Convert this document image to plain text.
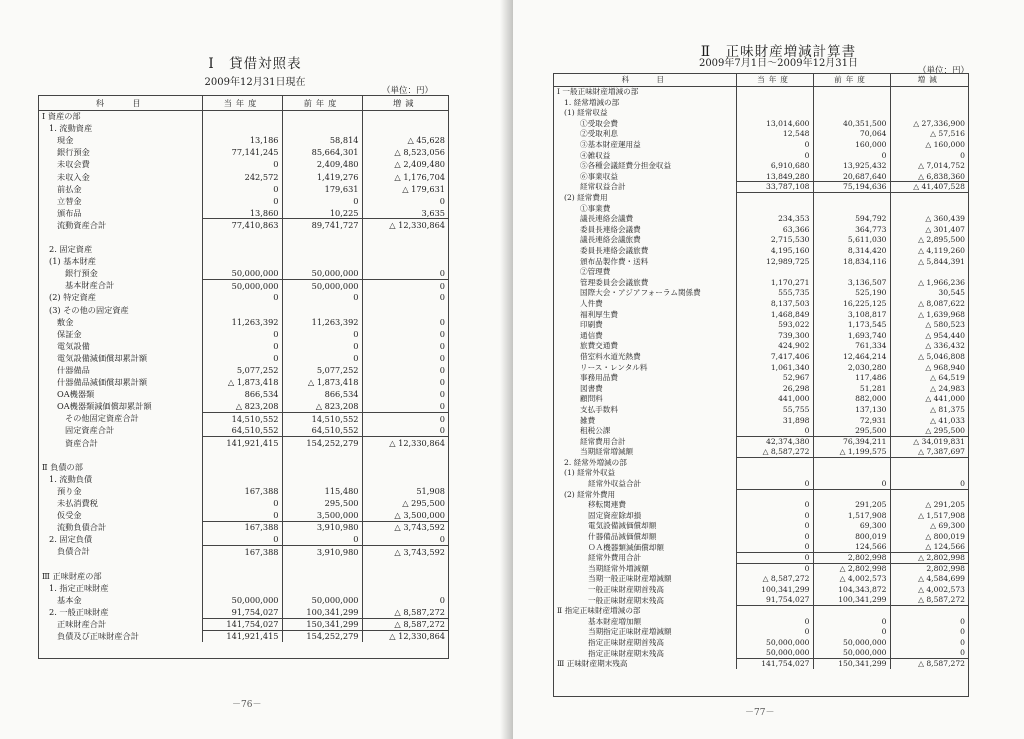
Ⅰ　貸借対照表
2009年12月31日現在
（単位：円）
科　　目	当年度	前年度	増減
Ⅰ 資産の部			
1. 流動資産			
現金	13,186	58,814	△ 45,628
銀行預金	77,141,245	85,664,301	△ 8,523,056
未収会費	0	2,409,480	△ 2,409,480
未収入金	242,572	1,419,276	△ 1,176,704
前払金	0	179,631	△ 179,631
立替金	0	0	0
頒布品	13,860	10,225	3,635
流動資産合計	77,410,863	89,741,727	△ 12,330,864

2. 固定資産			
(1) 基本財産			
銀行預金	50,000,000	50,000,000	0
基本財産合計	50,000,000	50,000,000	0
(2) 特定資産	0	0	0
(3) その他の固定資産			
敷金	11,263,392	11,263,392	0
保証金	0	0	0
電気設備	0	0	0
電気設備減価償却累計額	0	0	0
什器備品	5,077,252	5,077,252	0
什器備品減価償却累計額	△ 1,873,418	△ 1,873,418	0
OA機器類	866,534	866,534	0
OA機器類減価償却累計額	△ 823,208	△ 823,208	0
その他固定資産合計	14,510,552	14,510,552	0
固定資産合計	64,510,552	64,510,552	0
資産合計	141,921,415	154,252,279	△ 12,330,864

Ⅱ 負債の部			
1. 流動負債			
預り金	167,388	115,480	51,908
未払消費税	0	295,500	△ 295,500
仮受金	0	3,500,000	△ 3,500,000
流動負債合計	167,388	3,910,980	△ 3,743,592
2. 固定負債	0	0	0
負債合計	167,388	3,910,980	△ 3,743,592

Ⅲ 正味財産の部			
1. 指定正味財産			
基本金	50,000,000	50,000,000	0
2. 一般正味財産	91,754,027	100,341,299	△ 8,587,272
正味財産合計	141,754,027	150,341,299	△ 8,587,272
負債及び正味財産合計	141,921,415	154,252,279	△ 12,330,864
－76－
Ⅱ　正味財産増減計算書
2009年7月1日～2009年12月31日
（単位：円）
科　　目	当年度	前年度	増減
Ⅰ 一般正味財産増減の部			
1. 経常増減の部			
(1) 経常収益			
①受取会費	13,014,600	40,351,500	△ 27,336,900
②受取利息	12,548	70,064	△ 57,516
③基本財産運用益	0	160,000	△ 160,000
④雑収益	0	0	0
⑤各種会議経費分担金収益	6,910,680	13,925,432	△ 7,014,752
⑥事業収益	13,849,280	20,687,640	△ 6,838,360
経常収益合計	33,787,108	75,194,636	△ 41,407,528
(2) 経常費用			
①事業費			
議長連絡会議費	234,353	594,792	△ 360,439
委員長連絡会議費	63,366	364,773	△ 301,407
議長連絡会議旅費	2,715,530	5,611,030	△ 2,895,500
委員長連絡会議旅費	4,195,160	8,314,420	△ 4,119,260
頒布品製作費・送料	12,989,725	18,834,116	△ 5,844,391
②管理費			
管理委員会会議旅費	1,170,271	3,136,507	△ 1,966,236
国際大会・アジアフォーラム関係費	555,735	525,190	30,545
人件費	8,137,503	16,225,125	△ 8,087,622
福利厚生費	1,468,849	3,108,817	△ 1,639,968
印刷費	593,022	1,173,545	△ 580,523
通信費	739,300	1,693,740	△ 954,440
旅費交通費	424,902	761,334	△ 336,432
借室料水道光熱費	7,417,406	12,464,214	△ 5,046,808
リース・レンタル料	1,061,340	2,030,280	△ 968,940
事務用品費	52,967	117,486	△ 64,519
図書費	26,298	51,281	△ 24,983
顧問料	441,000	882,000	△ 441,000
支払手数料	55,755	137,130	△ 81,375
雑費	31,898	72,931	△ 41,033
租税公課	0	295,500	△ 295,500
経常費用合計	42,374,380	76,394,211	△ 34,019,831
当期経常増減額	△ 8,587,272	△ 1,199,575	△ 7,387,697
2. 経常外増減の部			
(1) 経常外収益			
経常外収益合計	0	0	0
(2) 経常外費用			
移転関連費	0	291,205	△ 291,205
固定資産除却損	0	1,517,908	△ 1,517,908
電気設備減価償却額	0	69,300	△ 69,300
什器備品減価償却額	0	800,019	△ 800,019
ＯＡ機器類減価償却額	0	124,566	△ 124,566
経常外費用合計	0	2,802,998	△ 2,802,998
当期経常外増減額	0	△ 2,802,998	2,802,998
当期一般正味財産増減額	△ 8,587,272	△ 4,002,573	△ 4,584,699
一般正味財産期首残高	100,341,299	104,343,872	△ 4,002,573
一般正味財産期末残高	91,754,027	100,341,299	△ 8,587,272
Ⅱ 指定正味財産増減の部			
基本財産増加額	0	0	0
当期指定正味財産増減額	0	0	0
指定正味財産期首残高	50,000,000	50,000,000	0
指定正味財産期末残高	50,000,000	50,000,000	0
Ⅲ 正味財産期末残高	141,754,027	150,341,299	△ 8,587,272
－77－
